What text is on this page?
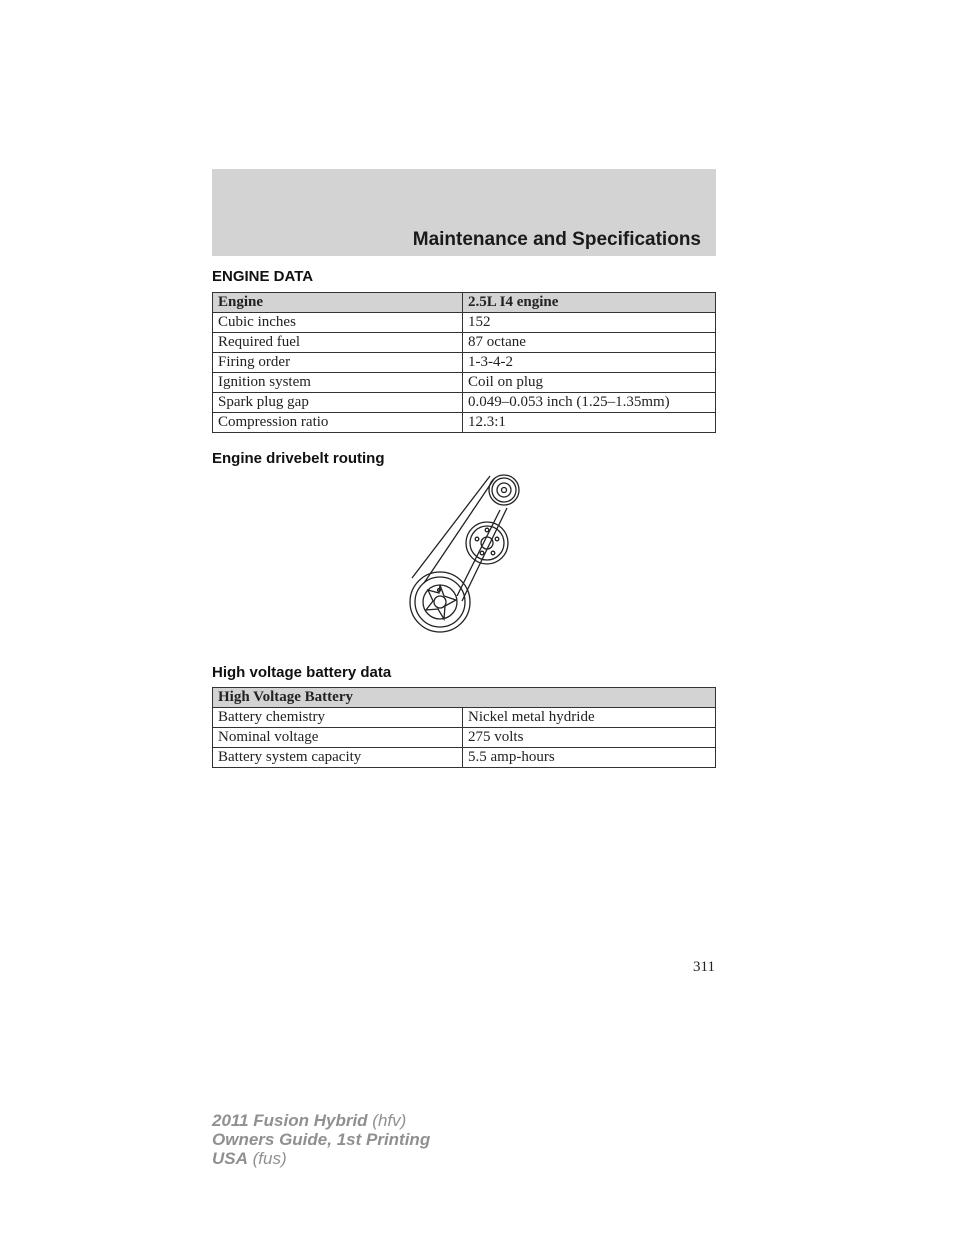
Maintenance and Specifications
ENGINE DATA
Engine	2.5L I4 engine
Cubic inches	152
Required fuel	87 octane
Firing order	1-3-4-2
Ignition system	Coil on plug
Spark plug gap	0.049–0.053 inch (1.25–1.35mm)
Compression ratio	12.3:1
Engine drivebelt routing
High voltage battery data
High Voltage Battery	
Battery chemistry	Nickel metal hydride
Nominal voltage	275 volts
Battery system capacity	5.5 amp-hours
311
2011 Fusion Hybrid (hfv)
Owners Guide, 1st Printing
USA (fus)
